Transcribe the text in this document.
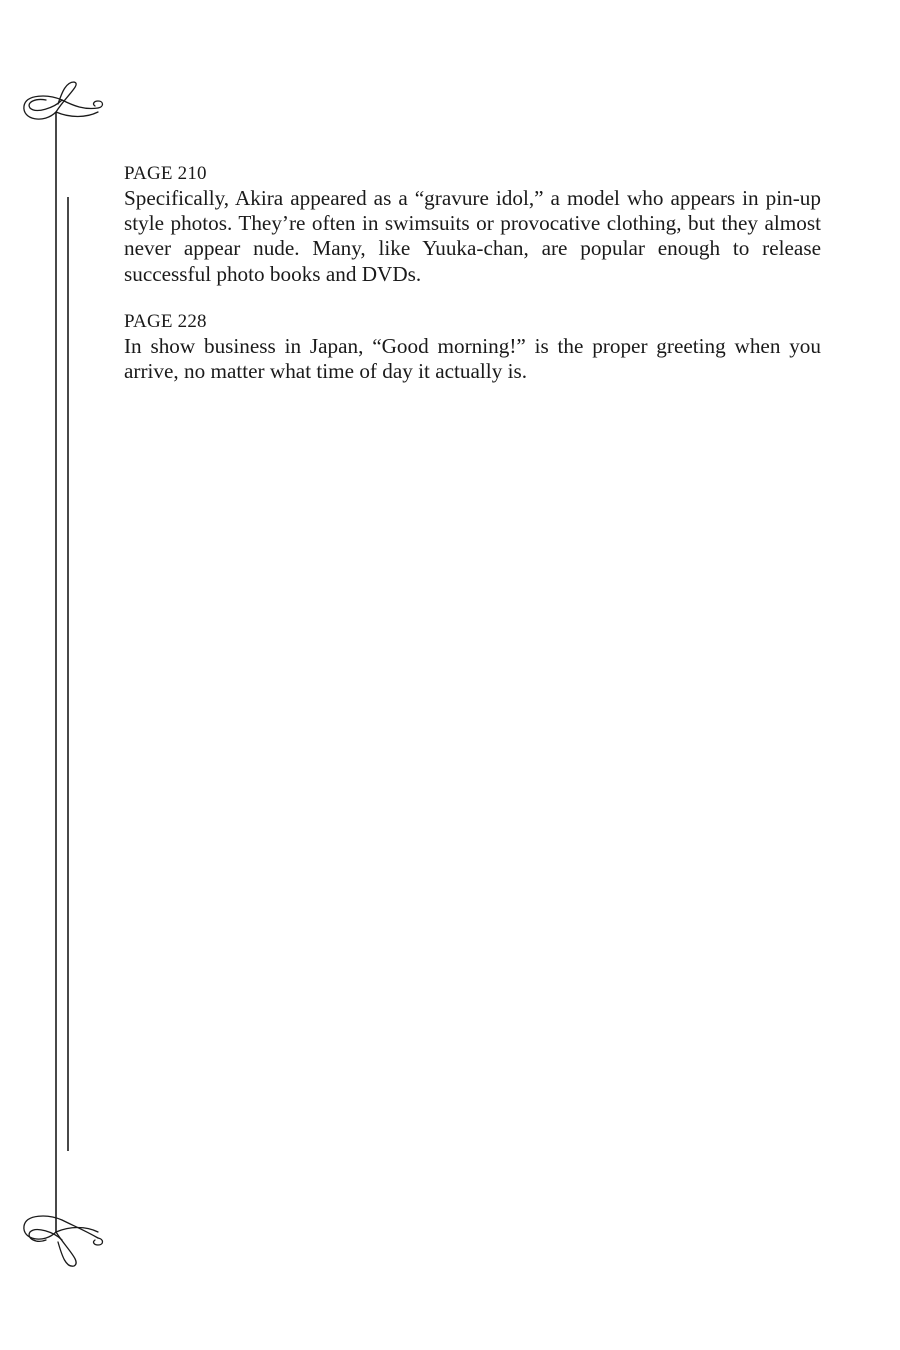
PAGE 210

Specifically, Akira appeared as a “gravure idol,” a model who appears in pin-up style photos. They’re often in swimsuits or provocative clothing, but they almost never appear nude. Many, like Yuuka-chan, are popular enough to release successful photo books and DVDs.

PAGE 228

In show business in Japan, “Good morning!” is the proper greeting when you arrive, no matter what time of day it actually is.
